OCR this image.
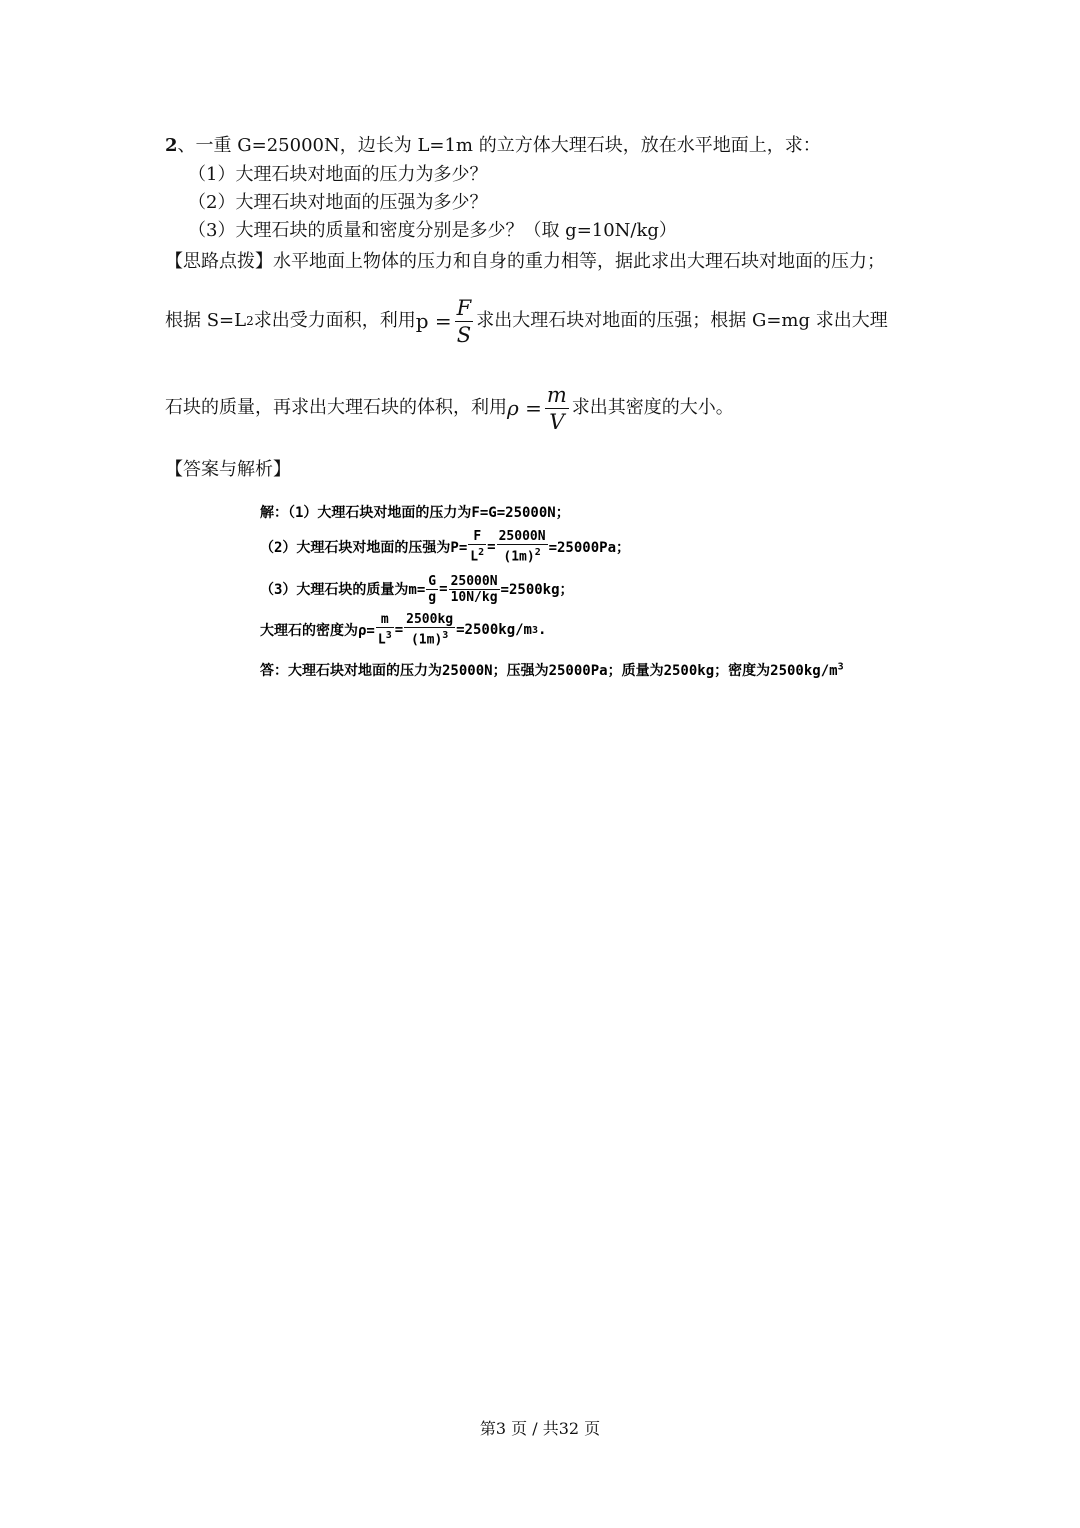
2、一重 G=25000N，边长为 L=1m 的立方体大理石块，放在水平地面上，求：
（1）大理石块对地面的压力为多少？
（2）大理石块对地面的压强为多少？
（3）大理石块的质量和密度分别是多少？（取 g=10N/kg）
【思路点拨】水平地面上物体的压力和自身的重力相等，据此求出大理石块对地面的压力；
根据 S=L 2 求出受力面积，利用 $p = \frac{F}{S}$ 求出大理石块对地面的压强；根据 G=mg 求出大理
石块的质量，再求出大理石块的体积，利用 $\rho = \frac{m}{V}$ 求出其密度的大小。
【答案与解析】
解：（1）大理石块对地面的压力为F=G=25000N；
（2）大理石块对地面的压强为$P= \frac{F}{L^2} = \frac{25000N}{(1m)^2} =25000Pa$；
（3）大理石块的质量为$m= \frac{G}{g} = \frac{25000N}{10N/kg} =2500kg$；
大理石的密度为$\rho= \frac{m}{L^3} = \frac{2500kg}{(1m)^3} =2500kg/m$ 3 .
答：大理石块对地面的压力为25000N；压强为25000Pa；质量为2500kg；密度为$2500kg/m^3$
第3 页 / 共32 页
